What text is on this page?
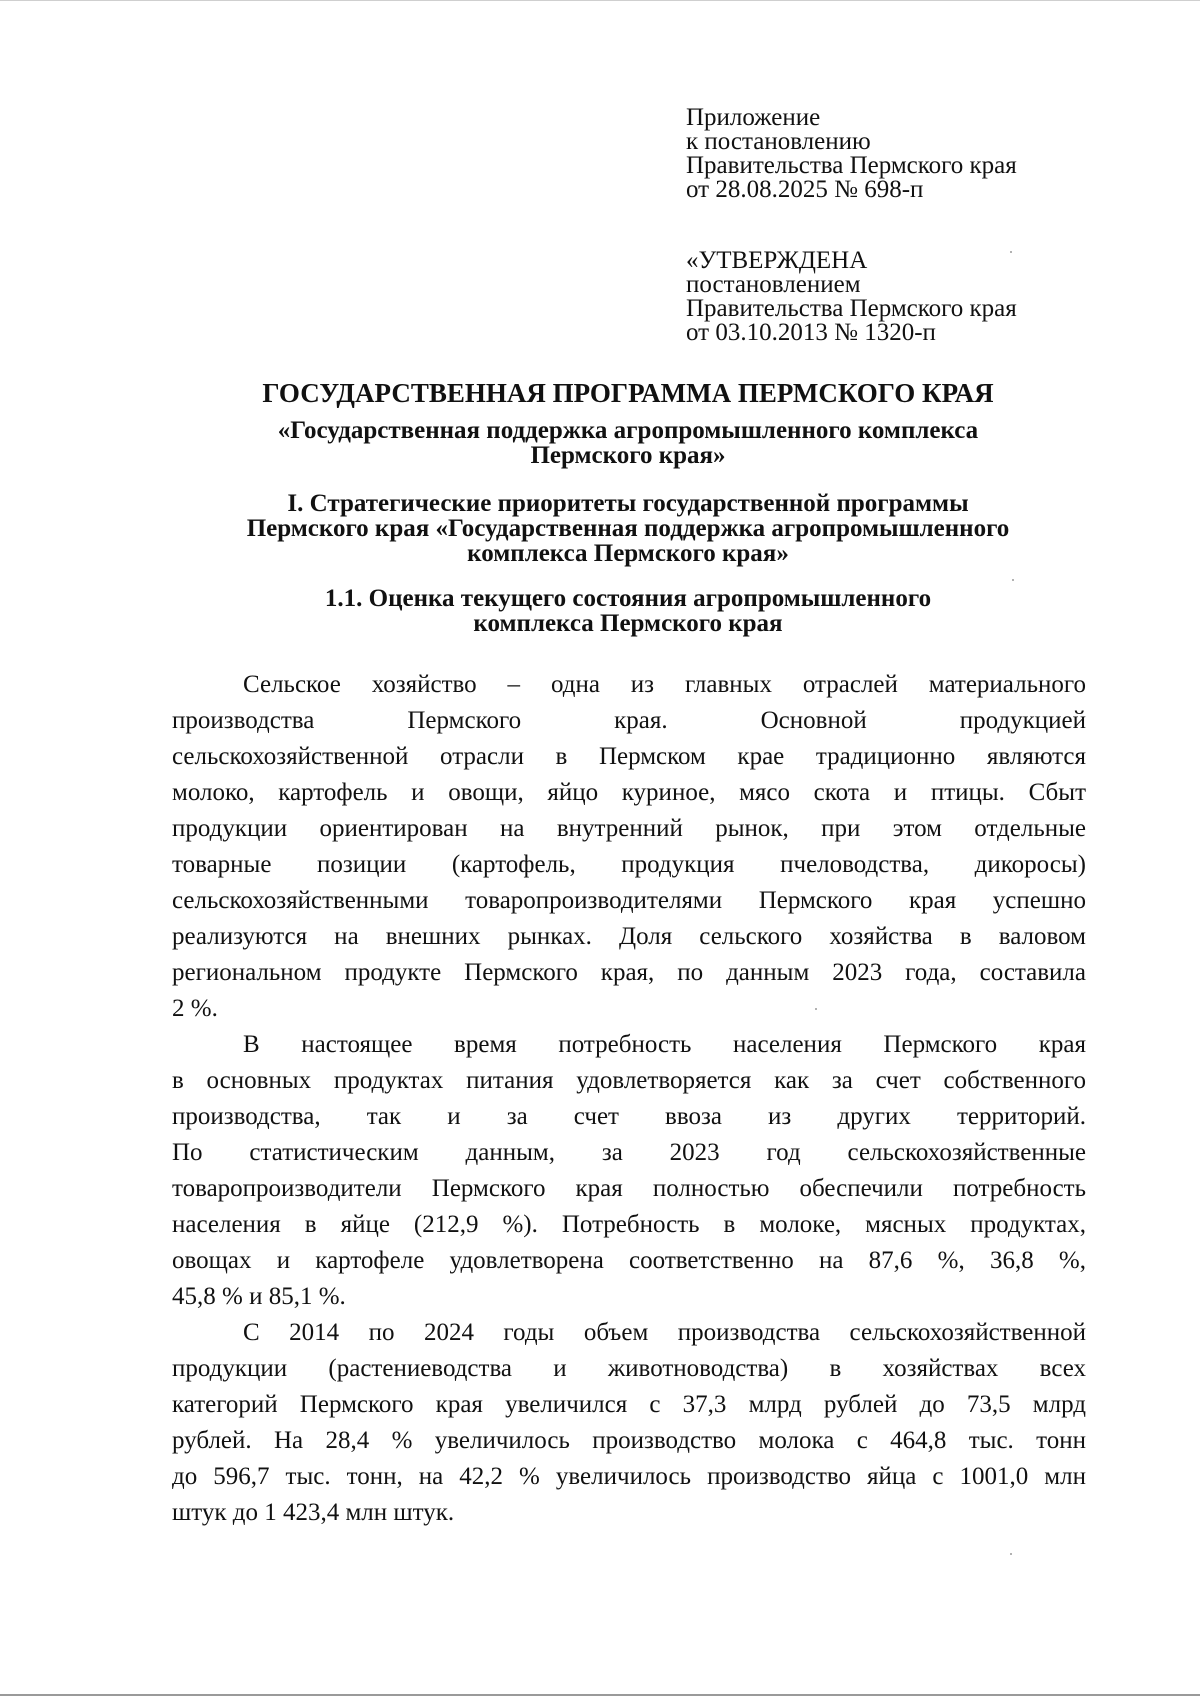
Приложение
к постановлению
Правительства Пермского края
от 28.08.2025 № 698-п
«УТВЕРЖДЕНА
постановлением
Правительства Пермского края
от 03.10.2013 № 1320-п
ГОСУДАРСТВЕННАЯ ПРОГРАММА ПЕРМСКОГО КРАЯ
«Государственная поддержка агропромышленного комплекса
Пермского края»
I. Стратегические приоритеты государственной программы
Пермского края «Государственная поддержка агропромышленного
комплекса Пермского края»
1.1. Оценка текущего состояния агропромышленного
комплекса Пермского края
Сельское хозяйство – одна из главных отраслей материального
производства Пермского края. Основной продукцией
сельскохозяйственной отрасли в Пермском крае традиционно являются
молоко, картофель и овощи, яйцо куриное, мясо скота и птицы. Сбыт
продукции ориентирован на внутренний рынок, при этом отдельные
товарные позиции (картофель, продукция пчеловодства, дикоросы)
сельскохозяйственными товаропроизводителями Пермского края успешно
реализуются на внешних рынках. Доля сельского хозяйства в валовом
региональном продукте Пермского края, по данным 2023 года, составила
2 %.
В настоящее время потребность населения Пермского края
в основных продуктах питания удовлетворяется как за счет собственного
производства, так и за счет ввоза из других территорий.
По статистическим данным, за 2023 год сельскохозяйственные
товаропроизводители Пермского края полностью обеспечили потребность
населения в яйце (212,9 %). Потребность в молоке, мясных продуктах,
овощах и картофеле удовлетворена соответственно на 87,6 %, 36,8 %,
45,8 % и 85,1 %.
С 2014 по 2024 годы объем производства сельскохозяйственной
продукции (растениеводства и животноводства) в хозяйствах всех
категорий Пермского края увеличился с 37,3 млрд рублей до 73,5 млрд
рублей. На 28,4 % увеличилось производство молока с 464,8 тыс. тонн
до 596,7 тыс. тонн, на 42,2 % увеличилось производство яйца с 1001,0 млн
штук до 1 423,4 млн штук.
